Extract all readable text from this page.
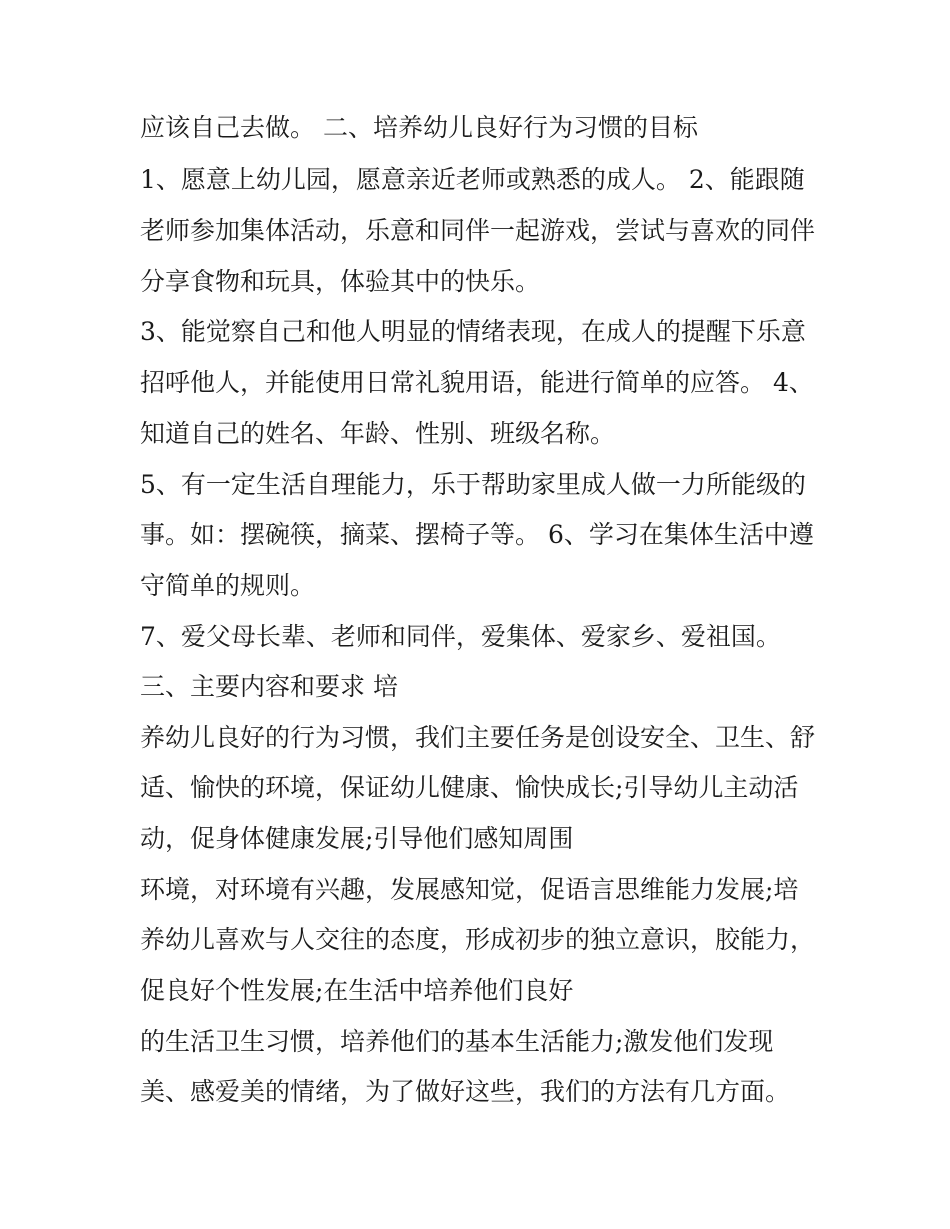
应该自己去做。 二、培养幼儿良好行为习惯的目标

1、愿意上幼儿园，愿意亲近老师或熟悉的成人。 2、能跟随

老师参加集体活动，乐意和同伴一起游戏，尝试与喜欢的同伴

分享食物和玩具，体验其中的快乐。

3、能觉察自己和他人明显的情绪表现，在成人的提醒下乐意

招呼他人，并能使用日常礼貌用语，能进行简单的应答。 4、

知道自己的姓名、年龄、性别、班级名称。

5、有一定生活自理能力，乐于帮助家里成人做一力所能级的

事。如：摆碗筷，摘菜、摆椅子等。 6、学习在集体生活中遵

守简单的规则。

7、爱父母长辈、老师和同伴，爱集体、爱家乡、爱祖国。

三、主要内容和要求 培

养幼儿良好的行为习惯，我们主要任务是创设安全、卫生、舒

适、愉快的环境，保证幼儿健康、愉快成长;引导幼儿主动活

动，促身体健康发展;引导他们感知周围

环境，对环境有兴趣，发展感知觉，促语言思维能力发展;培

养幼儿喜欢与人交往的态度，形成初步的独立意识，胶能力，

促良好个性发展;在生活中培养他们良好

的生活卫生习惯，培养他们的基本生活能力;激发他们发现

美、感爱美的情绪，为了做好这些，我们的方法有几方面。
